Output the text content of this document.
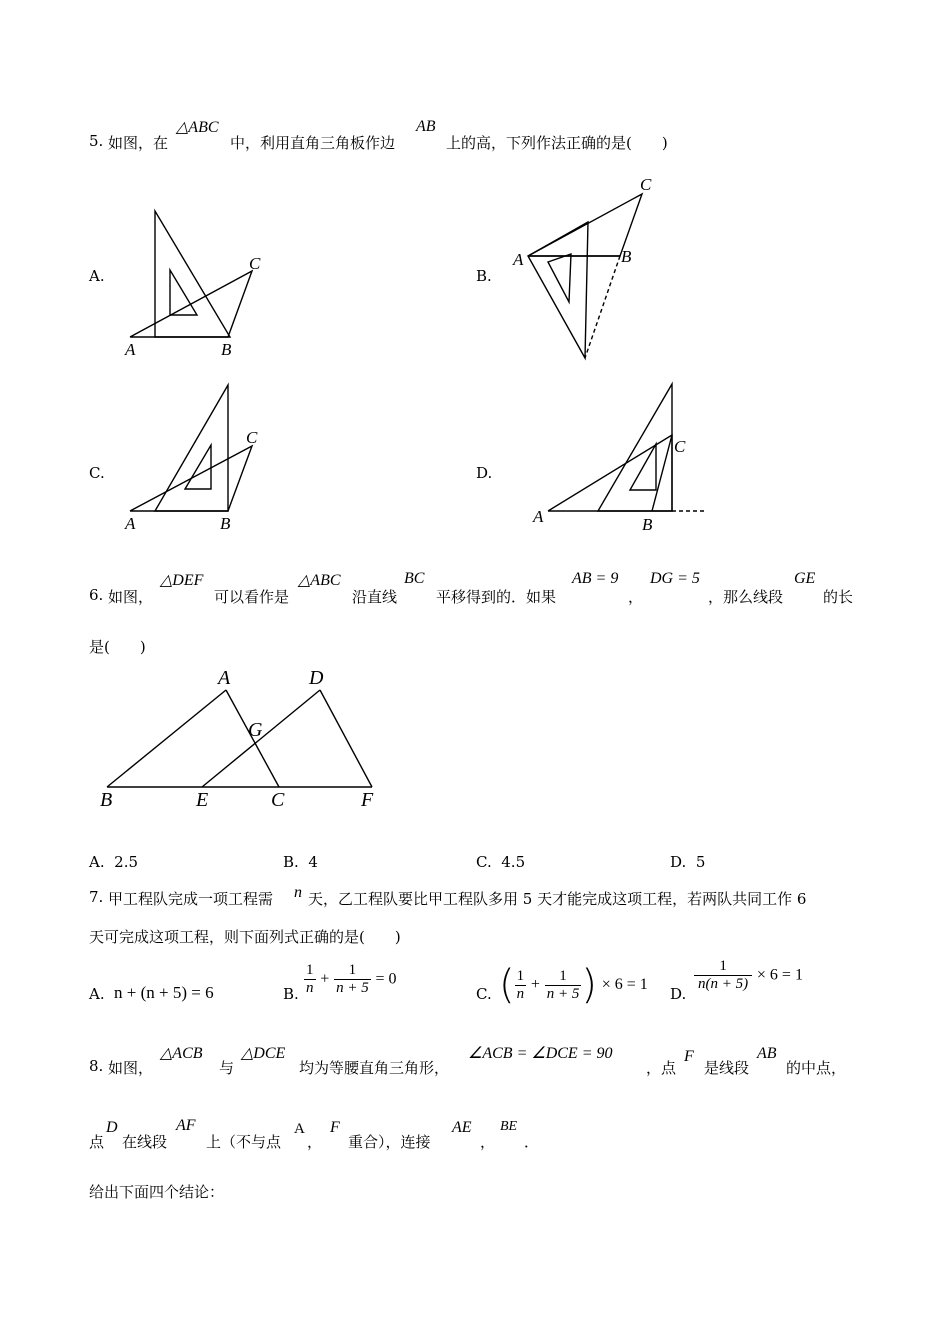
5. 如图，在
△ABC
中，利用直角三角板作边
AB
上的高，下列作法正确的是(　　)
A.
A	B
C
B.
A	B
C
C.
A	B
C
D.
A	B
C
6. 如图，
△DEF
可以看作是
△ABC
沿直线
BC
平移得到的．如果
AB = 9
，
DG = 5
，那么线段
GE
的长
是(　　)
A	D
G
B	E	C	F
A. 2.5	B. 4	C. 4.5	D. 5
7. 甲工程队完成一项工程需 n 天，乙工程队要比甲工程队多用 5 天才能完成这项工程，若两队共同工作 6
天可完成这项工程，则下面列式正确的是(　　)
A. n + (n + 5) = 6	B. $\frac{1}{n} + \frac{1}{n + 5} = 0$
C. ( $\frac{1}{n} + \frac{1}{n + 5}$ ) × 6 = 1
D.
$\frac{1}{n(n + 5)} \times 6 = 1$
8. 如图，
△ACB
与
△DCE
均为等腰直角三角形，
∠ACB = ∠DCE = 90
，点
F
是线段
AB
的中点，
点
D
在线段
AF
上（不与点
A
，
F
重合），连接
AE
，
BE
．
给出下面四个结论：
